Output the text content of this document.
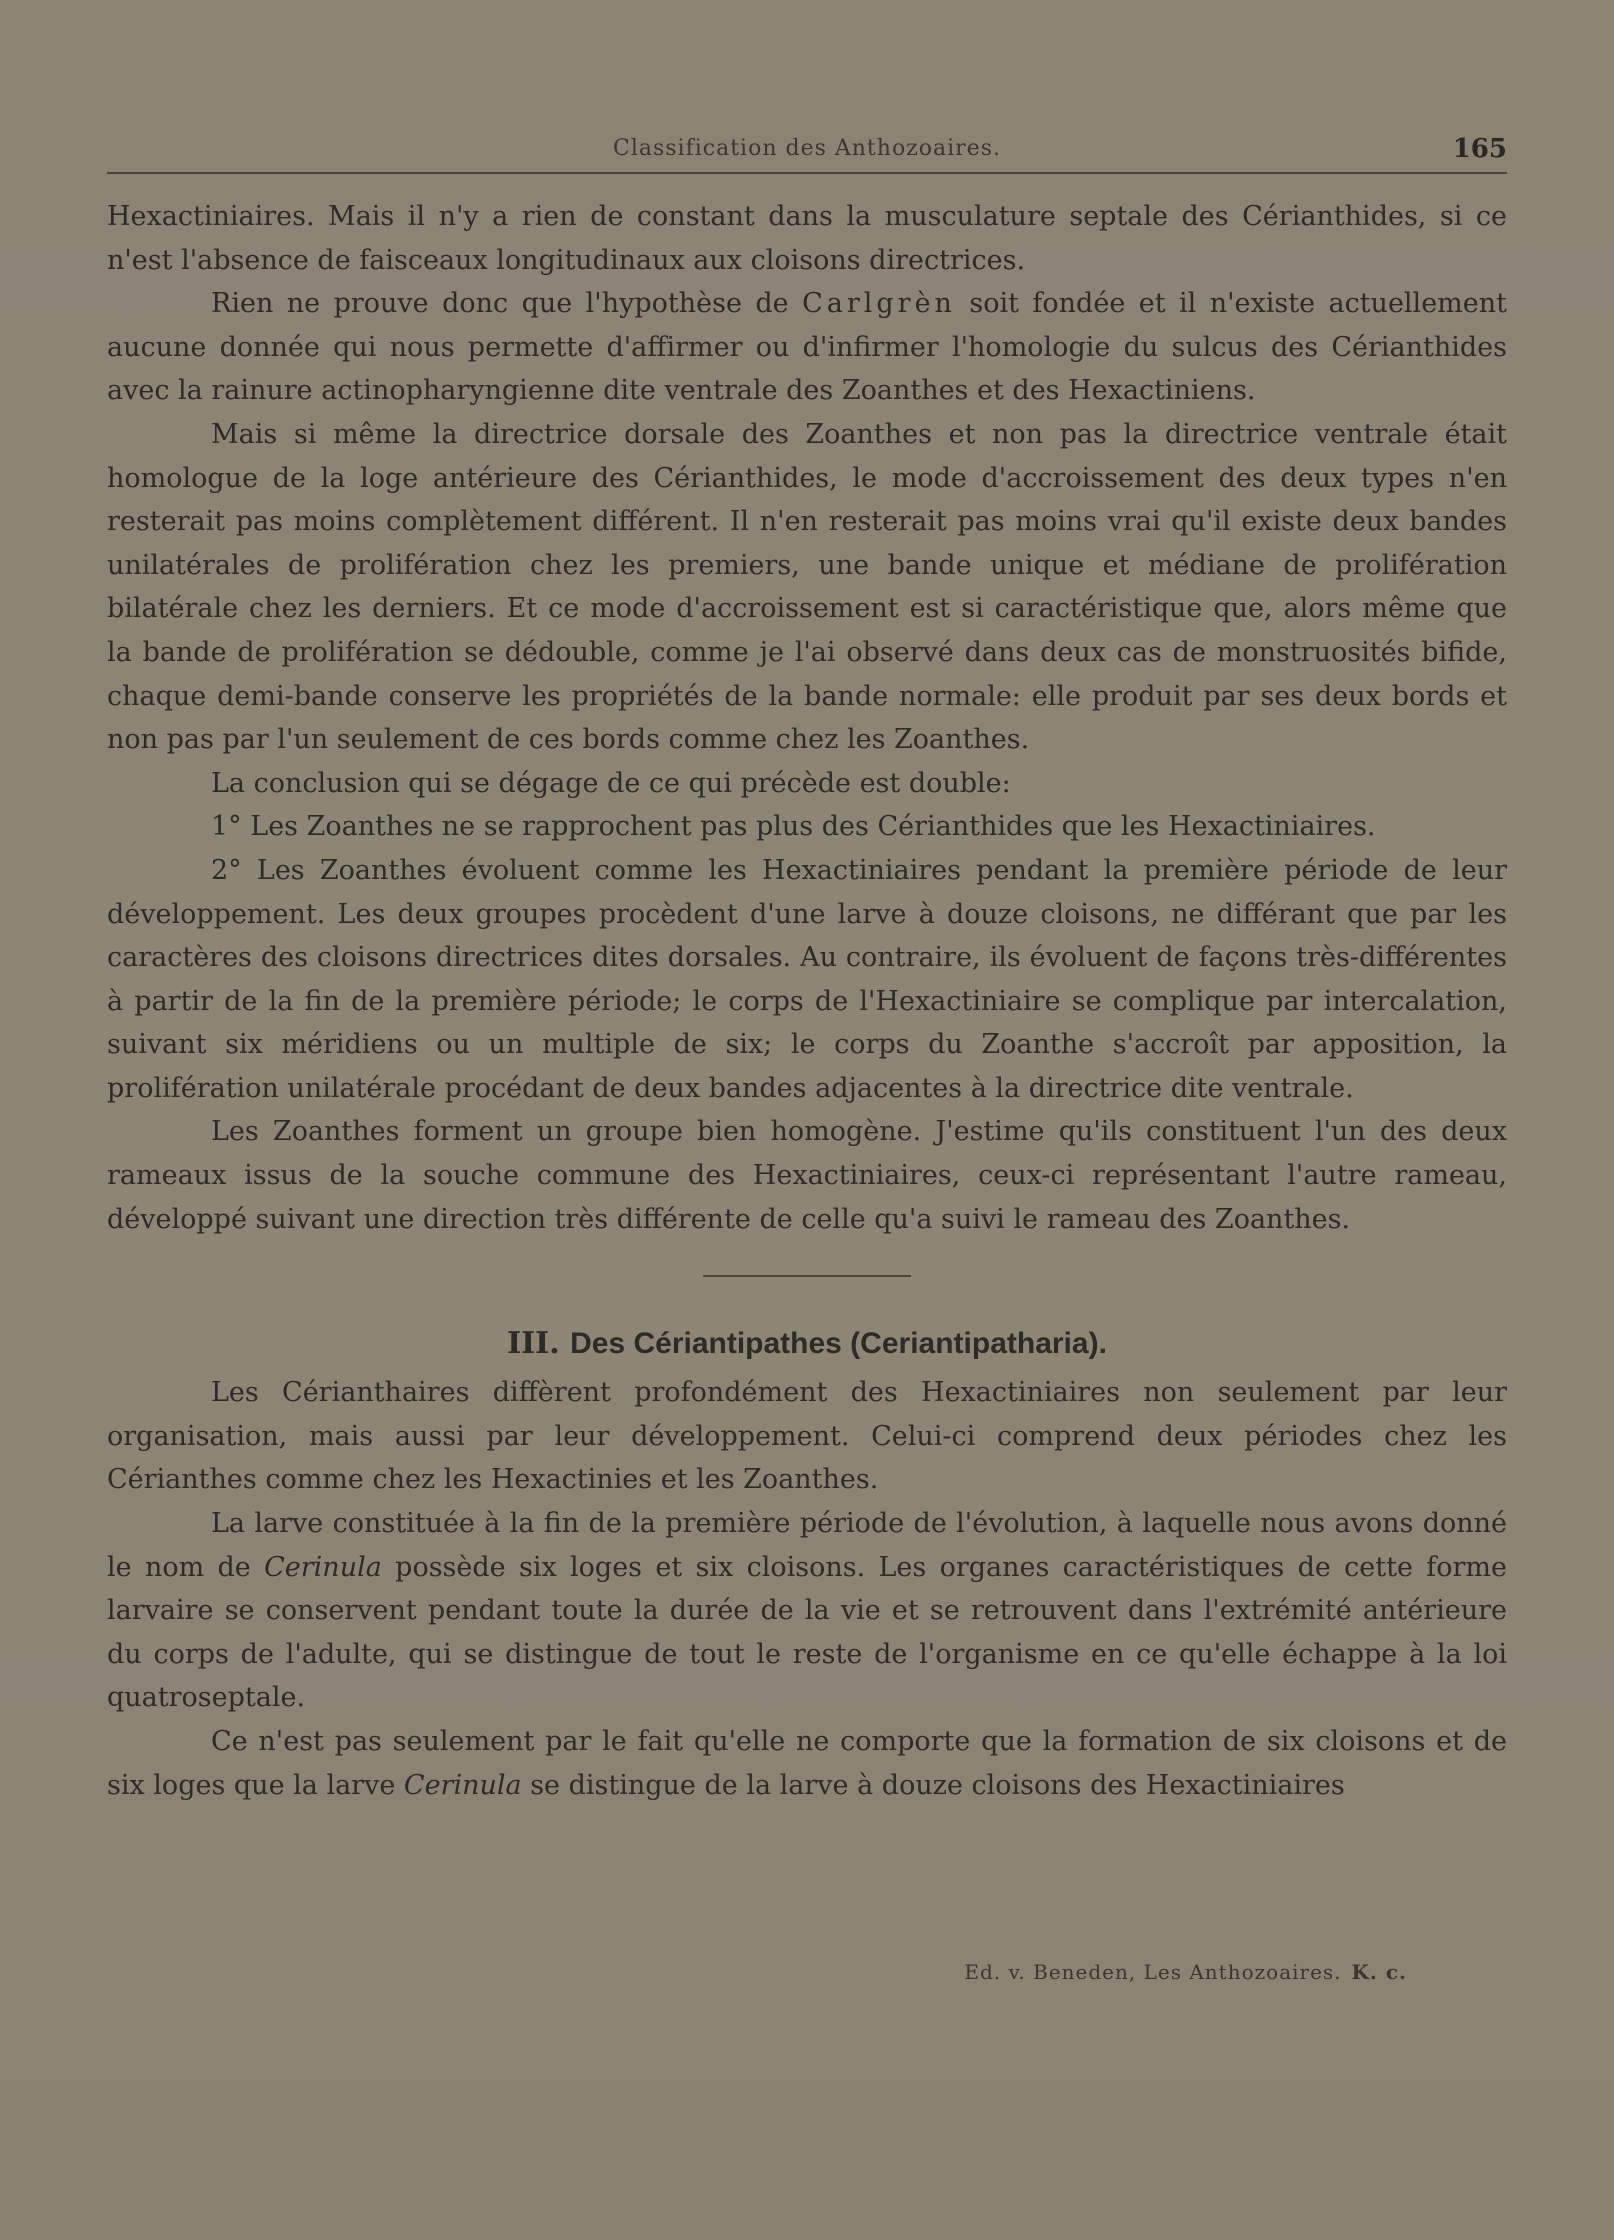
Classification des Anthozoaires.	165

Hexactiniaires. Mais il n'y a rien de constant dans la musculature septale des Cérianthides, si ce n'est l'absence de faisceaux longitudinaux aux cloisons directrices.

Rien ne prouve donc que l'hypothèse de Carlgrèn soit fondée et il n'existe actuellement aucune donnée qui nous permette d'affirmer ou d'infirmer l'homologie du sulcus des Cérianthides avec la rainure actinopharyngienne dite ventrale des Zoanthes et des Hexactiniens.

Mais si même la directrice dorsale des Zoanthes et non pas la directrice ventrale était homologue de la loge antérieure des Cérianthides, le mode d'accroissement des deux types n'en resterait pas moins complètement différent. Il n'en resterait pas moins vrai qu'il existe deux bandes unilatérales de prolifération chez les premiers, une bande unique et médiane de prolifération bilatérale chez les derniers. Et ce mode d'accroissement est si caractéristique que, alors même que la bande de prolifération se dédouble, comme je l'ai observé dans deux cas de monstruosités bifide, chaque demi-bande conserve les propriétés de la bande normale: elle produit par ses deux bords et non pas par l'un seulement de ces bords comme chez les Zoanthes.

La conclusion qui se dégage de ce qui précède est double:

1° Les Zoanthes ne se rapprochent pas plus des Cérianthides que les Hexactiniaires.

2° Les Zoanthes évoluent comme les Hexactiniaires pendant la première période de leur développement. Les deux groupes procèdent d'une larve à douze cloisons, ne différant que par les caractères des cloisons directrices dites dorsales. Au contraire, ils évoluent de façons très-différentes à partir de la fin de la première période; le corps de l'Hexactiniaire se complique par intercalation, suivant six méridiens ou un multiple de six; le corps du Zoanthe s'accroît par apposition, la prolifération unilatérale procédant de deux bandes adjacentes à la directrice dite ventrale.

Les Zoanthes forment un groupe bien homogène. J'estime qu'ils constituent l'un des deux rameaux issus de la souche commune des Hexactiniaires, ceux-ci représentant l'autre rameau, développé suivant une direction très différente de celle qu'a suivi le rameau des Zoanthes.

III. Des Cériantipathes (Ceriantipatharia).

Les Cérianthaires diffèrent profondément des Hexactiniaires non seulement par leur organisation, mais aussi par leur développement. Celui-ci comprend deux périodes chez les Cérianthes comme chez les Hexactinies et les Zoanthes.

La larve constituée à la fin de la première période de l'évolution, à laquelle nous avons donné le nom de Cerinula possède six loges et six cloisons. Les organes caractéristiques de cette forme larvaire se conservent pendant toute la durée de la vie et se retrouvent dans l'extrémité antérieure du corps de l'adulte, qui se distingue de tout le reste de l'organisme en ce qu'elle échappe à la loi quatroseptale.

Ce n'est pas seulement par le fait qu'elle ne comporte que la formation de six cloisons et de six loges que la larve Cerinula se distingue de la larve à douze cloisons des Hexactiniaires

Ed. v. Beneden, Les Anthozoaires. K. c.
